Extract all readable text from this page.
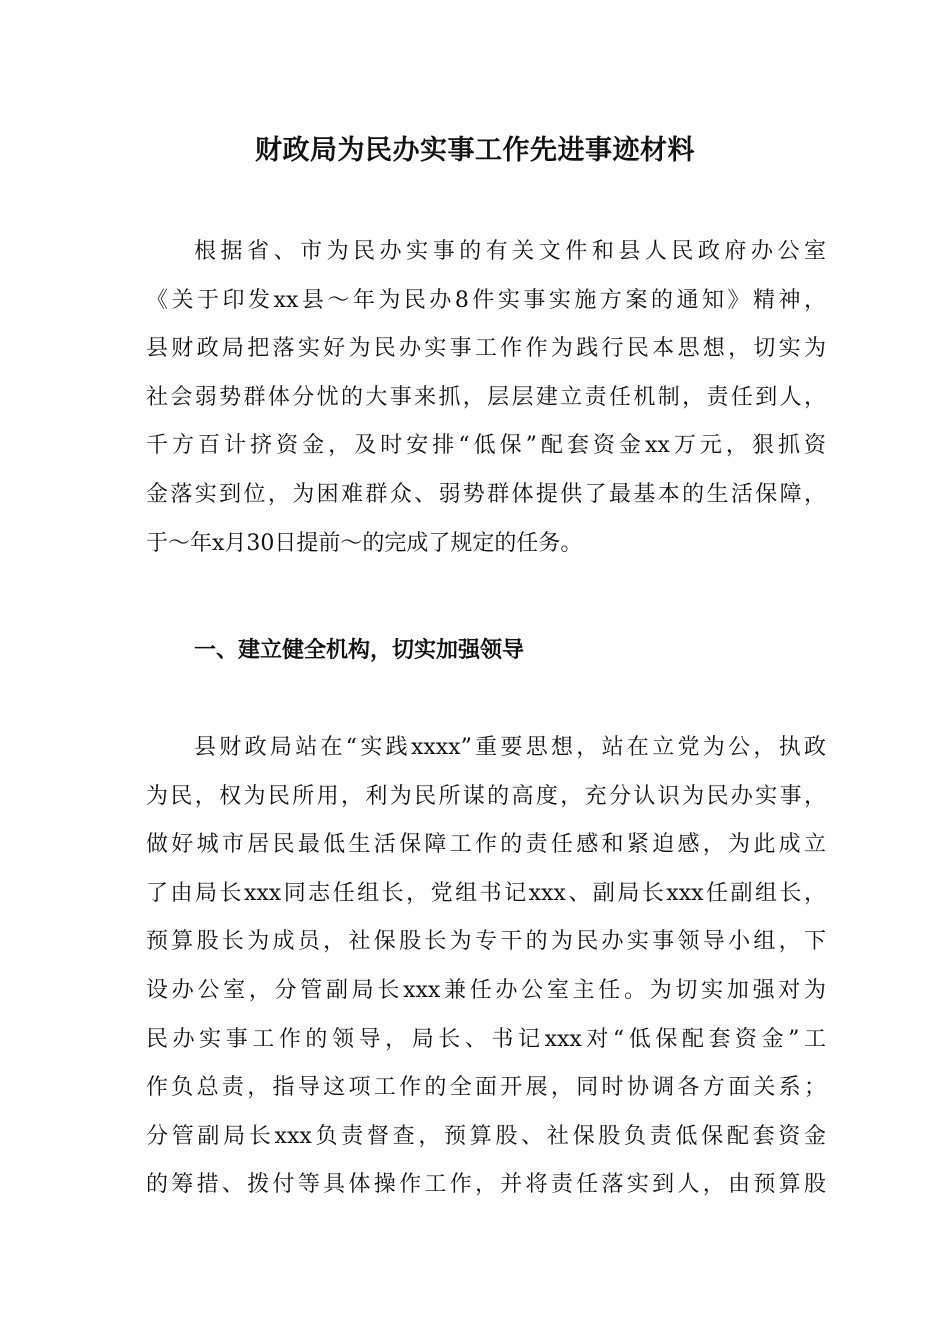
财政局为民办实事工作先进事迹材料
根据省、市为民办实事的有关文件和县人民政府办公室
《关于印发xx县～年为民办8件实事实施方案的通知》精神，
县财政局把落实好为民办实事工作作为践行民本思想，切实为
社会弱势群体分忧的大事来抓，层层建立责任机制，责任到人，
千方百计挤资金，及时安排“低保”配套资金xx万元，狠抓资
金落实到位，为困难群众、弱势群体提供了最基本的生活保障，
于～年x月30日提前～的完成了规定的任务。
一、建立健全机构，切实加强领导
县财政局站在“实践xxxx”重要思想，站在立党为公，执政
为民，权为民所用，利为民所谋的高度，充分认识为民办实事，
做好城市居民最低生活保障工作的责任感和紧迫感，为此成立
了由局长xxx同志任组长，党组书记xxx、副局长xxx任副组长，
预算股长为成员，社保股长为专干的为民办实事领导小组，下
设办公室，分管副局长xxx兼任办公室主任。为切实加强对为
民办实事工作的领导，局长、书记xxx对“低保配套资金”工
作负总责，指导这项工作的全面开展，同时协调各方面关系；
分管副局长xxx负责督查，预算股、社保股负责低保配套资金
的筹措、拨付等具体操作工作，并将责任落实到人，由预算股
